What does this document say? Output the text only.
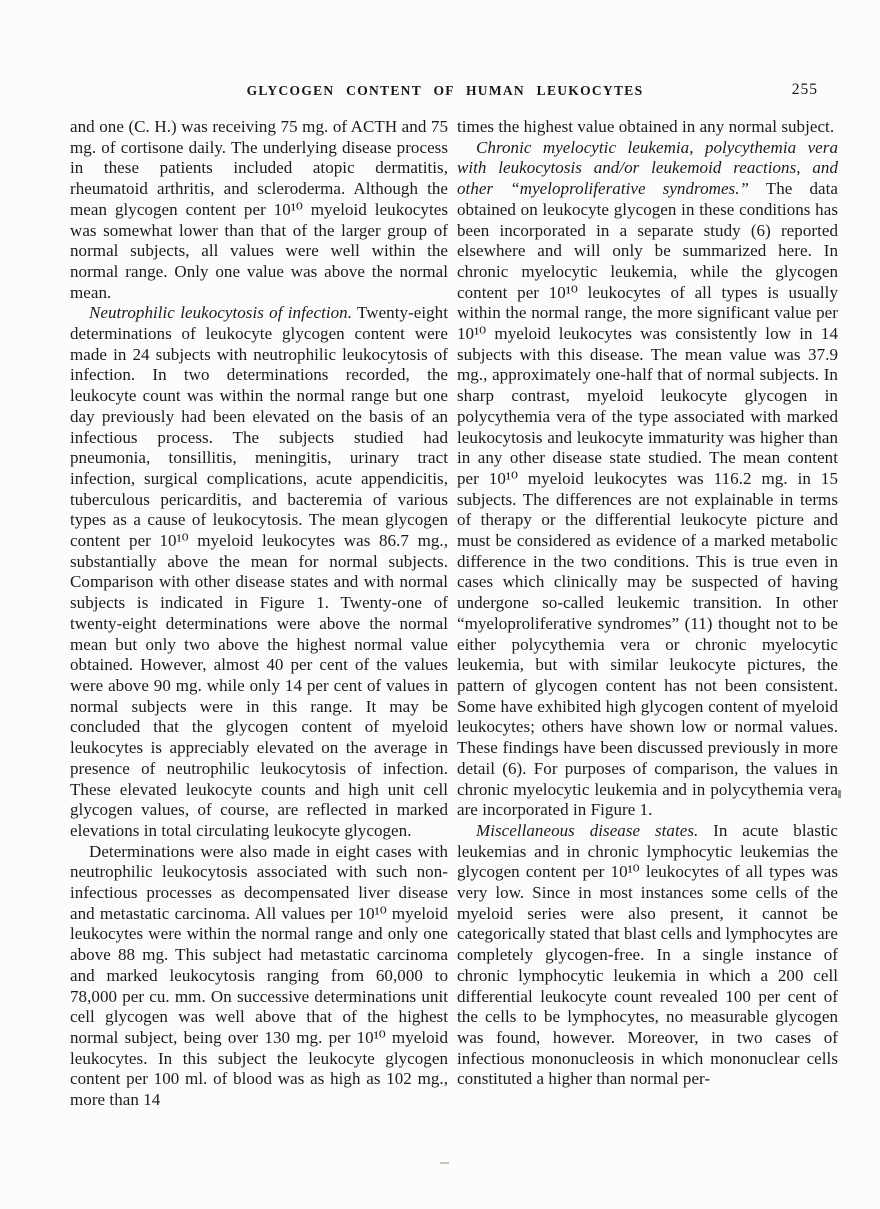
GLYCOGEN CONTENT OF HUMAN LEUKOCYTES	255

and one (C. H.) was receiving 75 mg. of ACTH and 75 mg. of cortisone daily. The underlying disease process in these patients included atopic dermatitis, rheumatoid arthritis, and scleroderma. Although the mean glycogen content per 10¹⁰ myeloid leukocytes was somewhat lower than that of the larger group of normal subjects, all values were well within the normal range. Only one value was above the normal mean.

Neutrophilic leukocytosis of infection. Twenty-eight determinations of leukocyte glycogen content were made in 24 subjects with neutrophilic leukocytosis of infection. In two determinations recorded, the leukocyte count was within the normal range but one day previously had been elevated on the basis of an infectious process. The subjects studied had pneumonia, tonsillitis, meningitis, urinary tract infection, surgical complications, acute appendicitis, tuberculous pericarditis, and bacteremia of various types as a cause of leukocytosis. The mean glycogen content per 10¹⁰ myeloid leukocytes was 86.7 mg., substantially above the mean for normal subjects. Comparison with other disease states and with normal subjects is indicated in Figure 1. Twenty-one of twenty-eight determinations were above the normal mean but only two above the highest normal value obtained. However, almost 40 per cent of the values were above 90 mg. while only 14 per cent of values in normal subjects were in this range. It may be concluded that the glycogen content of myeloid leukocytes is appreciably elevated on the average in presence of neutrophilic leukocytosis of infection. These elevated leukocyte counts and high unit cell glycogen values, of course, are reflected in marked elevations in total circulating leukocyte glycogen.

Determinations were also made in eight cases with neutrophilic leukocytosis associated with such non-infectious processes as decompensated liver disease and metastatic carcinoma. All values per 10¹⁰ myeloid leukocytes were within the normal range and only one above 88 mg. This subject had metastatic carcinoma and marked leukocytosis ranging from 60,000 to 78,000 per cu. mm. On successive determinations unit cell glycogen was well above that of the highest normal subject, being over 130 mg. per 10¹⁰ myeloid leukocytes. In this subject the leukocyte glycogen content per 100 ml. of blood was as high as 102 mg., more than 14

times the highest value obtained in any normal subject.

Chronic myelocytic leukemia, polycythemia vera with leukocytosis and/or leukemoid reactions, and other “myeloproliferative syndromes.” The data obtained on leukocyte glycogen in these conditions has been incorporated in a separate study (6) reported elsewhere and will only be summarized here. In chronic myelocytic leukemia, while the glycogen content per 10¹⁰ leukocytes of all types is usually within the normal range, the more significant value per 10¹⁰ myeloid leukocytes was consistently low in 14 subjects with this disease. The mean value was 37.9 mg., approximately one-half that of normal subjects. In sharp contrast, myeloid leukocyte glycogen in polycythemia vera of the type associated with marked leukocytosis and leukocyte immaturity was higher than in any other disease state studied. The mean content per 10¹⁰ myeloid leukocytes was 116.2 mg. in 15 subjects. The differences are not explainable in terms of therapy or the differential leukocyte picture and must be considered as evidence of a marked metabolic difference in the two conditions. This is true even in cases which clinically may be suspected of having undergone so-called leukemic transition. In other “myeloproliferative syndromes” (11) thought not to be either polycythemia vera or chronic myelocytic leukemia, but with similar leukocyte pictures, the pattern of glycogen content has not been consistent. Some have exhibited high glycogen content of myeloid leukocytes; others have shown low or normal values. These findings have been discussed previously in more detail (6). For purposes of comparison, the values in chronic myelocytic leukemia and in polycythemia vera are incorporated in Figure 1.

Miscellaneous disease states. In acute blastic leukemias and in chronic lymphocytic leukemias the glycogen content per 10¹⁰ leukocytes of all types was very low. Since in most instances some cells of the myeloid series were also present, it cannot be categorically stated that blast cells and lymphocytes are completely glycogen-free. In a single instance of chronic lymphocytic leukemia in which a 200 cell differential leukocyte count revealed 100 per cent of the cells to be lymphocytes, no measurable glycogen was found, however. Moreover, in two cases of infectious mononucleosis in which mononuclear cells constituted a higher than normal per-
